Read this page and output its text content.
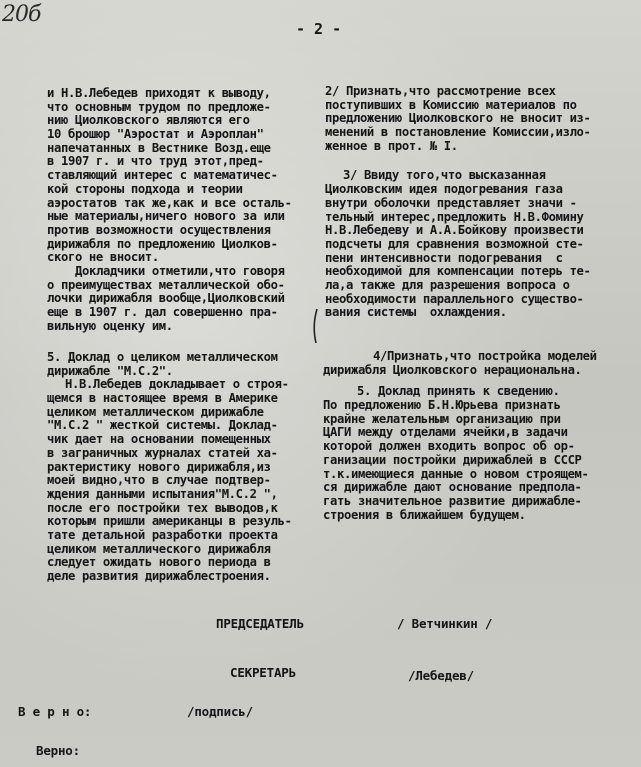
20б
- 2 -
и Н.В.Лебедев приходят к выводу,
что основным трудом по предложе-
нию Циолковского являются его
10 брошюр "Аэростат и Аэроплан"
напечатанных в Вестнике Возд.еще
в 1907 г. и что труд этот,пред-
ставляющий интерес с математичес-
кой стороны подхода и теории
аэростатов так же,как и все осталь-
ные материалы,ничего нового за или
против возможности осуществления
дирижабля по предложению Циолков-
ского не вносит.
Докладчики отметили,что говоря
о преимуществах металлической обо-
лочки дирижабля вообще,Циолковский
еще в 1907 г. дал совершенно пра-
вильную оценку им.
5. Доклад о целиком металлическом
дирижабле "М.С.2".
Н.В.Лебедев докладывает о строя-
щемся в настоящее время в Америке
целиком металлическом дирижабле
"М.С.2 " жесткой системы. Доклад-
чик дает на основании помещенных
в заграничных журналах статей ха-
рактеристику нового дирижабля,из
моей видно,что в случае подтвер-
ждения данными испытания"М.С.2 ",
после его постройки тех выводов,к
которым пришли американцы в резуль-
тате детальной разработки проекта
целиком металлического дирижабля
следует ожидать нового периода в
деле развития дирижаблестроения.
2/ Признать,что рассмотрение всех
поступивших в Комиссию материалов по
предложению Циолковского не вносит из-
менений в постановление Комиссии,изло-
женное в прот. № I.
3/ Ввиду того,что высказанная
Циолковским идея подогревания газа
внутри оболочки представляет значи -
тельный интерес,предложить Н.В.Фомину
Н.В.Лебедеву и А.А.Бойкову произвести
подсчеты для сравнения возможной сте-
пени интенсивности подогревания  с
необходимой для компенсации потерь те-
ла,а также для разрешения вопроса о
необходимости параллельного существо-
вания системы  охлаждения.
4/Признать,что постройка моделей
дирижабля Циолковского нерациональна.
5. Доклад принять к сведению.
По предложению Б.Н.Юрьева признать
крайне желательным организацию при
ЦАГИ между отделами ячейки,в задачи
которой должен входить вопрос об ор-
ганизации постройки дирижаблей в СССР
т.к.имеющиеся данные о новом строящем-
ся дирижабле дают основание предпола-
гать значительное развитие дирижабле-
строения в ближайшем будущем.
ПРЕДСЕДАТЕЛЬ	/ Ветчинкин /
СЕКРЕТАРЬ	/Лебедев/
В е р н о:	/подпись/
Верно:
